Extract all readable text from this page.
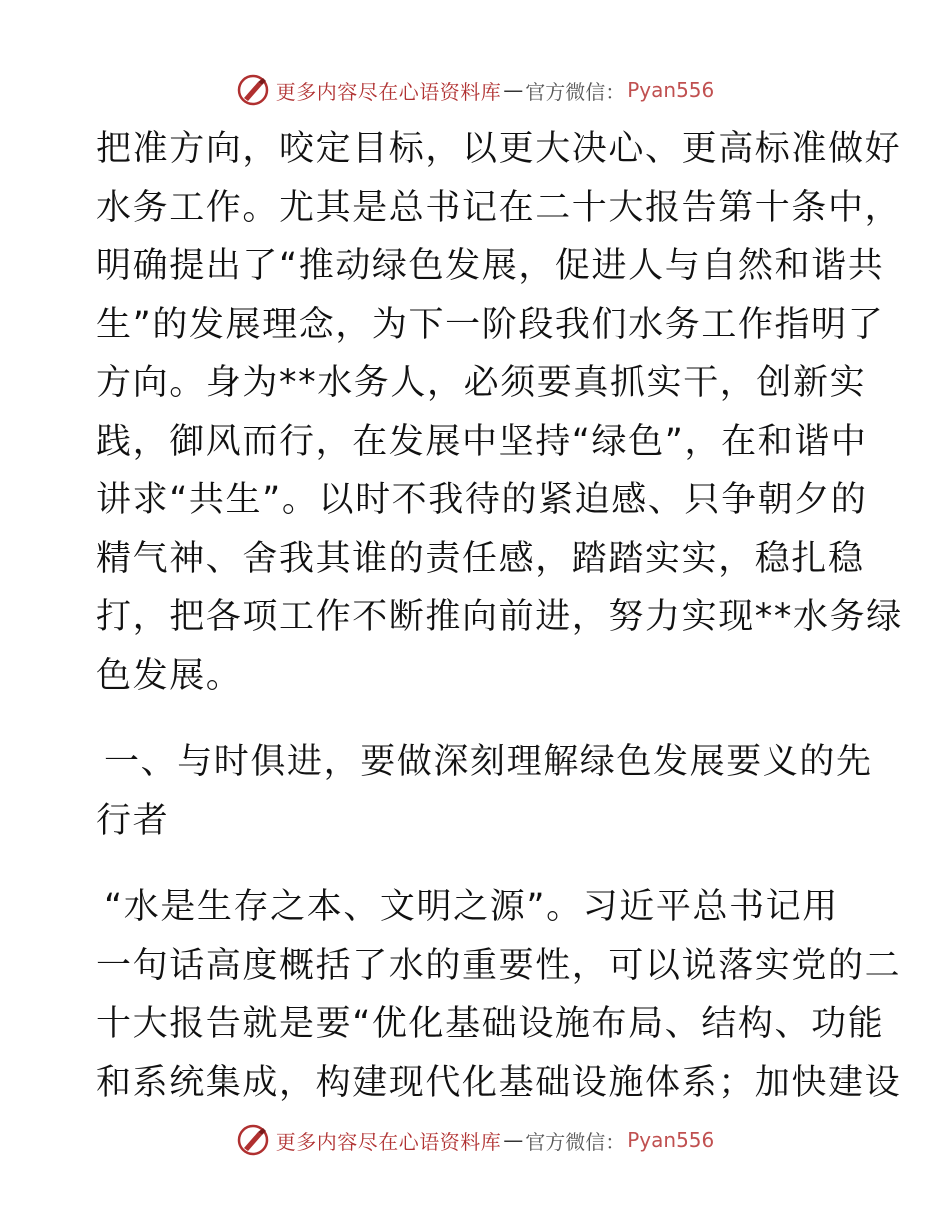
更多内容尽在心语资料库 — 官方微信： Pyan556
把准方向，咬定目标，以更大决心、更高标准做好
水务工作。尤其是总书记在二十大报告第十条中，
明确提出了“推动绿色发展，促进人与自然和谐共
生”的发展理念，为下一阶段我们水务工作指明了
方向。身为**水务人，必须要真抓实干，创新实
践，御风而行，在发展中坚持“绿色”，在和谐中
讲求“共生”。以时不我待的紧迫感、只争朝夕的
精气神、舍我其谁的责任感，踏踏实实，稳扎稳
打，把各项工作不断推向前进，努力实现**水务绿
色发展。
一、与时俱进，要做深刻理解绿色发展要义的先
行者
“水是生存之本、文明之源”。习近平总书记用
一句话高度概括了水的重要性，可以说落实党的二
十大报告就是要“优化基础设施布局、结构、功能
和系统集成，构建现代化基础设施体系；加快建设
更多内容尽在心语资料库 — 官方微信： Pyan556
